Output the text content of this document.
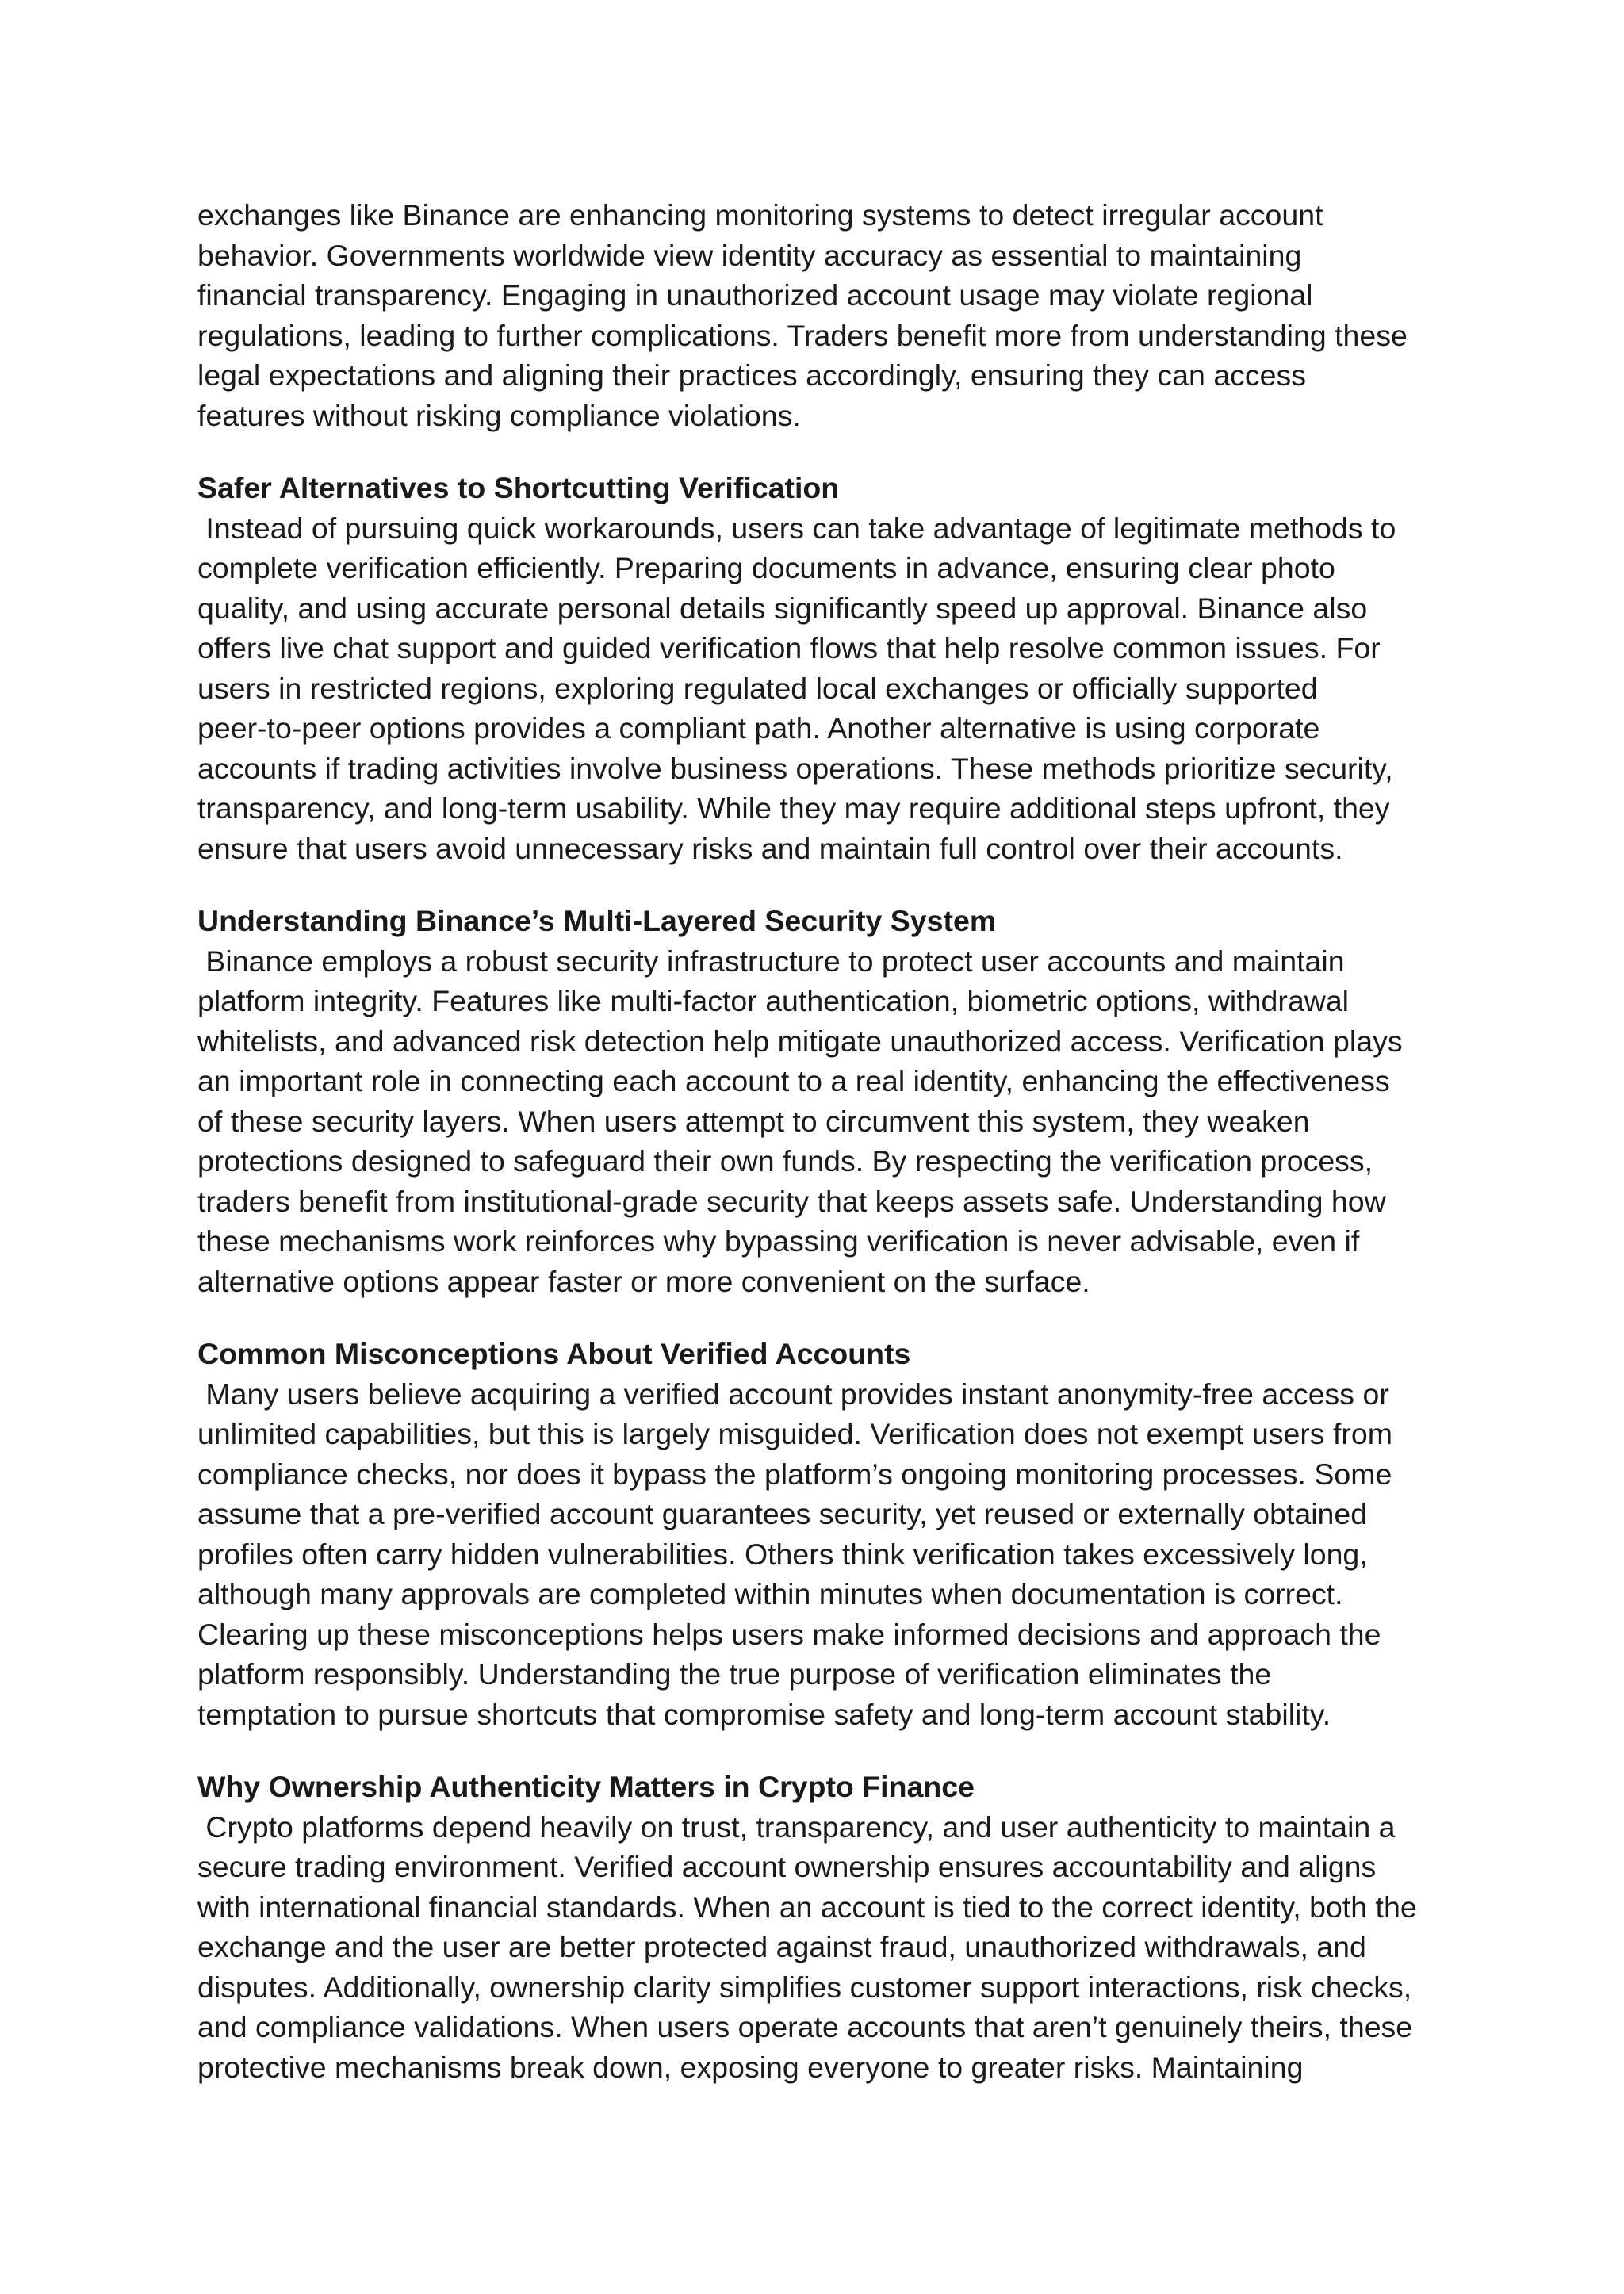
exchanges like Binance are enhancing monitoring systems to detect irregular account
behavior. Governments worldwide view identity accuracy as essential to maintaining
financial transparency. Engaging in unauthorized account usage may violate regional
regulations, leading to further complications. Traders benefit more from understanding these
legal expectations and aligning their practices accordingly, ensuring they can access
features without risking compliance violations.
Safer Alternatives to Shortcutting Verification
Instead of pursuing quick workarounds, users can take advantage of legitimate methods to
complete verification efficiently. Preparing documents in advance, ensuring clear photo
quality, and using accurate personal details significantly speed up approval. Binance also
offers live chat support and guided verification flows that help resolve common issues. For
users in restricted regions, exploring regulated local exchanges or officially supported
peer-to-peer options provides a compliant path. Another alternative is using corporate
accounts if trading activities involve business operations. These methods prioritize security,
transparency, and long-term usability. While they may require additional steps upfront, they
ensure that users avoid unnecessary risks and maintain full control over their accounts.
Understanding Binance’s Multi-Layered Security System
Binance employs a robust security infrastructure to protect user accounts and maintain
platform integrity. Features like multi-factor authentication, biometric options, withdrawal
whitelists, and advanced risk detection help mitigate unauthorized access. Verification plays
an important role in connecting each account to a real identity, enhancing the effectiveness
of these security layers. When users attempt to circumvent this system, they weaken
protections designed to safeguard their own funds. By respecting the verification process,
traders benefit from institutional-grade security that keeps assets safe. Understanding how
these mechanisms work reinforces why bypassing verification is never advisable, even if
alternative options appear faster or more convenient on the surface.
Common Misconceptions About Verified Accounts
Many users believe acquiring a verified account provides instant anonymity-free access or
unlimited capabilities, but this is largely misguided. Verification does not exempt users from
compliance checks, nor does it bypass the platform’s ongoing monitoring processes. Some
assume that a pre-verified account guarantees security, yet reused or externally obtained
profiles often carry hidden vulnerabilities. Others think verification takes excessively long,
although many approvals are completed within minutes when documentation is correct.
Clearing up these misconceptions helps users make informed decisions and approach the
platform responsibly. Understanding the true purpose of verification eliminates the
temptation to pursue shortcuts that compromise safety and long-term account stability.
Why Ownership Authenticity Matters in Crypto Finance
Crypto platforms depend heavily on trust, transparency, and user authenticity to maintain a
secure trading environment. Verified account ownership ensures accountability and aligns
with international financial standards. When an account is tied to the correct identity, both the
exchange and the user are better protected against fraud, unauthorized withdrawals, and
disputes. Additionally, ownership clarity simplifies customer support interactions, risk checks,
and compliance validations. When users operate accounts that aren’t genuinely theirs, these
protective mechanisms break down, exposing everyone to greater risks. Maintaining
